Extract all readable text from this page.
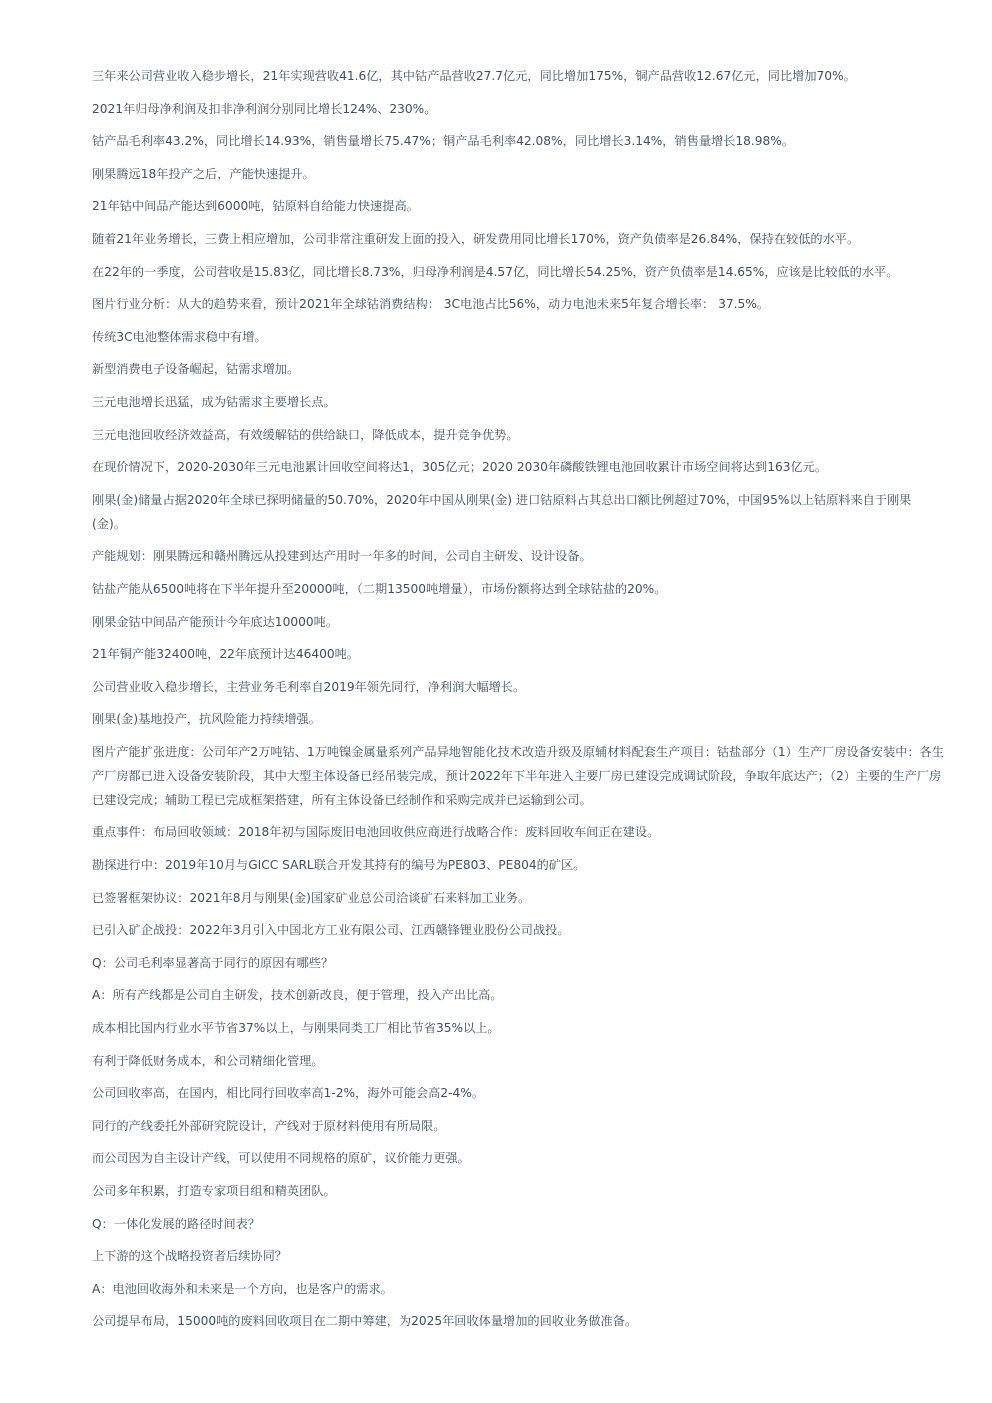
三年来公司营业收入稳步增长，21年实现营收41.6亿，其中钴产品营收27.7亿元，同比增加175%，铜产品营收12.67亿元，同比增加70%。

2021年归母净利润及扣非净利润分别同比增长124%、230%。

钴产品毛利率43.2%，同比增长14.93%，销售量增长75.47%；铜产品毛利率42.08%，同比增长3.14%，销售量增长18.98%。

刚果腾远18年投产之后，产能快速提升。

21年钴中间品产能达到6000吨，钴原料自给能力快速提高。

随着21年业务增长，三费上相应增加，公司非常注重研发上面的投入，研发费用同比增长170%，资产负债率是26.84%，保持在较低的水平。

在22年的一季度，公司营收是15.83亿，同比增长8.73%，归母净利润是4.57亿，同比增长54.25%，资产负债率是14.65%，应该是比较低的水平。

图片行业分析：从大的趋势来看，预计2021年全球钴消费结构： 3C电池占比56%，动力电池未来5年复合增长率： 37.5%。

传统3C电池整体需求稳中有增。

新型消费电子设备崛起，钴需求增加。

三元电池增长迅猛，成为钴需求主要增长点。

三元电池回收经济效益高，有效缓解钴的供给缺口，降低成本，提升竞争优势。

在现价情况下，2020-2030年三元电池累计回收空间将达1，305亿元；2020 2030年磷酸铁锂电池回收累计市场空间将达到163亿元。

刚果(金)储量占据2020年全球已探明储量的50.70%，2020年中国从刚果(金) 进口钴原料占其总出口额比例超过70%，中国95%以上钴原料来自于刚果(金)。

产能规划：刚果腾远和赣州腾远从投建到达产用时一年多的时间，公司自主研发、设计设备。

钴盐产能从6500吨将在下半年提升至20000吨，（二期13500吨增量），市场份额将达到全球钴盐的20%。

刚果金钴中间品产能预计今年底达10000吨。

21年铜产能32400吨，22年底预计达46400吨。

公司营业收入稳步增长，主营业务毛利率自2019年领先同行，净利润大幅增长。

刚果(金)基地投产，抗风险能力持续增强。

图片产能扩张进度：公司年产2万吨钴、1万吨镍金属量系列产品异地智能化技术改造升级及原辅材料配套生产项目：钴盐部分（1）生产厂房设备安装中：各生产厂房都已进入设备安装阶段，其中大型主体设备已经吊装完成，预计2022年下半年进入主要厂房已建设完成调试阶段，争取年底达产；（2）主要的生产厂房已建设完成；辅助工程已完成框架搭建，所有主体设备已经制作和采购完成并已运输到公司。

重点事件：布局回收领域：2018年初与国际废旧电池回收供应商进行战略合作：废料回收车间正在建设。

勘探进行中：2019年10月与GICC SARL联合开发其持有的编号为PE803、PE804的矿区。

已签署框架协议：2021年8月与刚果(金)国家矿业总公司洽谈矿石来料加工业务。

已引入矿企战投：2022年3月引入中国北方工业有限公司、江西赣锋锂业股份公司战投。

Q：公司毛利率显著高于同行的原因有哪些？

A：所有产线都是公司自主研发，技术创新改良，便于管理，投入产出比高。

成本相比国内行业水平节省37%以上，与刚果同类工厂相比节省35%以上。

有利于降低财务成本，和公司精细化管理。

公司回收率高，在国内，相比同行回收率高1-2%，海外可能会高2-4%。

同行的产线委托外部研究院设计，产线对于原材料使用有所局限。

而公司因为自主设计产线，可以使用不同规格的原矿，议价能力更强。

公司多年积累，打造专家项目组和精英团队。

Q：一体化发展的路径时间表？

上下游的这个战略投资者后续协同？

A：电池回收海外和未来是一个方向，也是客户的需求。

公司提早布局，15000吨的废料回收项目在二期中筹建，为2025年回收体量增加的回收业务做准备。
